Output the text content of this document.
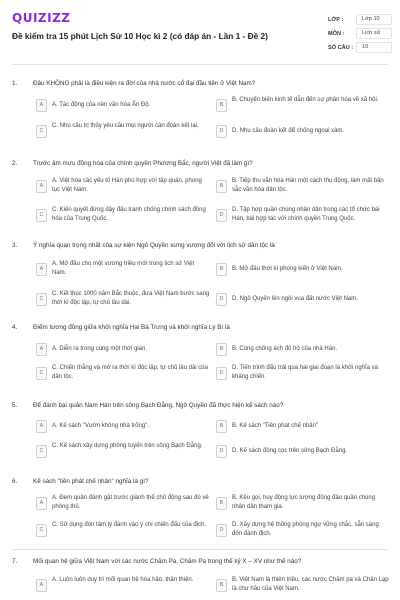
QUIZIZZ
Đề kiểm tra 15 phút Lịch Sử 10 Học kì 2 (có đáp án - Lần 1 - Đề 2)
LỚP :	Lớp 10
MÔN :	Lịch sử
SỐ CÂU :	10
1. Đâu KHÔNG phải là điều kiện ra đời của nhà nước cổ đại đầu tiên ở Việt Nam?
A	A. Tác động của nền văn hóa Ấn Độ.	B
B. Chuyển biến kinh tế dẫn đến sự phân hóa về xã hội.
C
C. Nhu cầu trị thủy yêu cầu mọi người cần đoàn kết lại.
D	D. Nhu cầu đoàn kết để chống ngoại xâm.
2. Trước âm mưu đồng hóa của chính quyền Phương Bắc, người Việt đã làm gì?
A
A. Việt hóa các yếu tố Hán phù hợp với tập quán, phong tục Việt Nam.
B
B. Tiếp thu văn hóa Hán một cách thụ động, làm mất bản sắc văn hóa dân tộc.
C
C. Kiên quyết đứng dậy đấu tranh chống chính sách đồng hóa của Trung Quốc.
D
D. Tập hợp quần chúng nhân dân trong các tổ chức bài Hán, bài hợp tác với chính quyền Trung Quốc.
3. Ý nghĩa quan trọng nhất của sự kiện Ngô Quyền xưng vương đối với lịch sử dân tộc là
A
A. Mở đầu cho một vương triều mới trong lịch sử Việt Nam.
B	B. Mở đầu thời kì phong kiến ở Việt Nam.
C
C. Kết thúc 1000 năm Bắc thuộc, đưa Việt Nam bước sang thời kì độc lập, tự chủ lâu dài.
D	D. Ngô Quyền lên ngôi vua đất nước Việt Nam.
4. Điểm tương đồng giữa khởi nghĩa Hai Bà Trưng và khởi nghĩa Lý Bí là
A	A. Diễn ra trong cùng một thời gian.	B	B. Cùng chống ách đô hộ của nhà Hán.
C
C. Chiến thắng và mở ra thời kì độc lập, tự chủ lâu dài của dân tộc.
D
D. Tiến trình đấu trải qua hai giai đoạn là khởi nghĩa và kháng chiến.
5. Để đánh bại quân Nam Hán trên sông Bạch Đằng, Ngô Quyền đã thực hiện kế sách nào?
A	A. Kế sách "Vườn không nhà trống".	B	B. Kế sách "Tiên phát chế nhân"
C
C. Kế sách xây dựng phòng tuyến trên sông Bạch Đằng.
D	D. Kế sách đóng cọc trên sông Bạch Đằng.
6. Kế sách "tiên phát chế nhân" nghĩa là gì?
A
A. Đem quân đánh gặt trước giành thế chủ động sau đó về phòng thủ.
B
B. Kêu gọi, huy động lực lượng đông đảo quần chúng nhân dân tham gia.
C
C. Sử dụng đòn tâm lý đánh vào ý chí chiến đấu của địch.
D
D. Xây dựng hệ thống phòng ngự vững chắc, sẵn sàng đón đánh địch.
7. Mối quan hệ giữa Việt Nam với các nước Chăm Pa, Chăm Pa trong thế kỷ X – XV như thế nào?
A
A. Luôn luôn duy trì mối quan hệ hòa hảo, thân thiện.
B
B. Việt Nam là thiên triều, các nước Chăm pa và Chân Lạp là chư hầu của Việt Nam.
